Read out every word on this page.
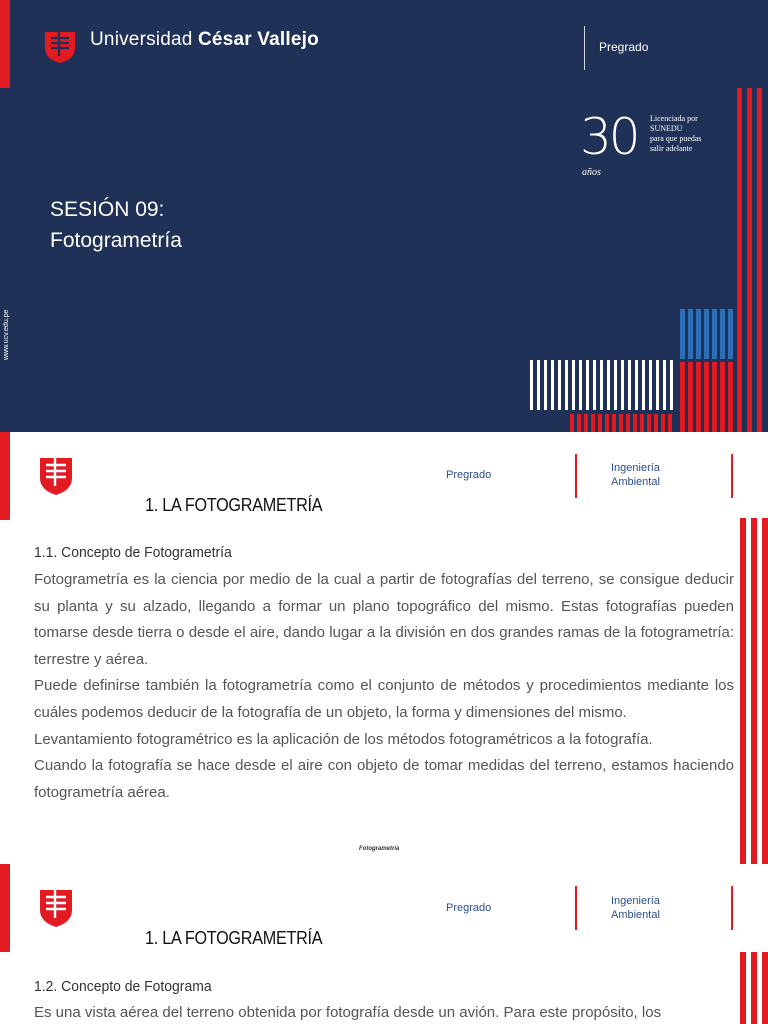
Universidad César Vallejo	Pregrado
30
años
Licenciada por
SUNEDU
para que puedas
salir adelante
SESIÓN 09:
Fotogrametría
www.ucv.edu.pe
Pregrado
Ingeniería
Ambiental
1. LA FOTOGRAMETRÍA
1.1. Concepto de Fotogrametría

Fotogrametría es la ciencia por medio de la cual a partir de fotografías del terreno, se consigue deducir su planta y su alzado, llegando a formar un plano topográfico del mismo. Estas fotografías pueden tomarse desde tierra o desde el aire, dando lugar a la división en dos grandes ramas de la fotogrametría: terrestre y aérea.

Puede definirse también la fotogrametría como el conjunto de métodos y procedimientos mediante los cuáles podemos deducir de la fotografía de un objeto, la forma y dimensiones del mismo.

Levantamiento fotogramétrico es la aplicación de los métodos fotogramétricos a la fotografía.

Cuando la fotografía se hace desde el aire con objeto de tomar medidas del terreno, estamos haciendo fotogrametría aérea.

Fotogrametría
Pregrado
Ingeniería
Ambiental
1. LA FOTOGRAMETRÍA
1.2. Concepto de Fotograma

Es una vista aérea del terreno obtenida por fotografía desde un avión. Para este propósito, los
